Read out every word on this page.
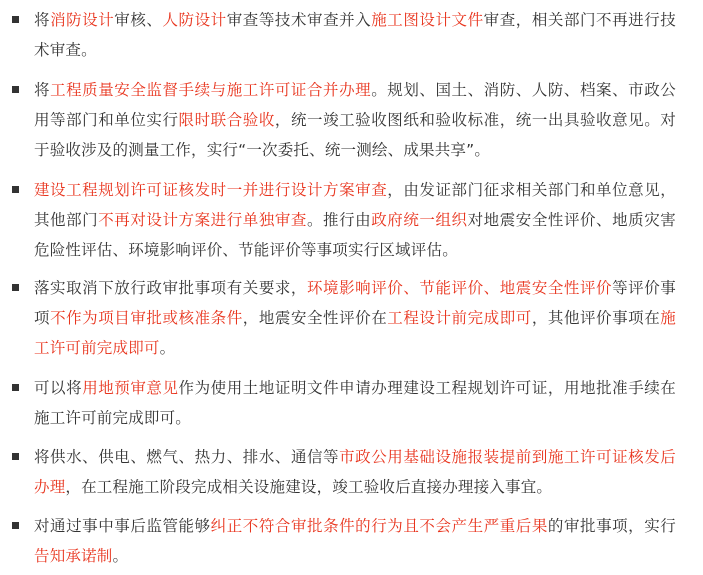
将消防设计审核、人防设计审查等技术审查并入施工图设计文件审查，相关部门不再进行技术审查。
将工程质量安全监督手续与施工许可证合并办理。规划、国土、消防、人防、档案、市政公用等部门和单位实行限时联合验收，统一竣工验收图纸和验收标准，统一出具验收意见。对于验收涉及的测量工作，实行“一次委托、统一测绘、成果共享”。
建设工程规划许可证核发时一并进行设计方案审查，由发证部门征求相关部门和单位意见，其他部门不再对设计方案进行单独审查。推行由政府统一组织对地震安全性评价、地质灾害危险性评估、环境影响评价、节能评价等事项实行区域评估。
落实取消下放行政审批事项有关要求，环境影响评价、节能评价、地震安全性评价等评价事项不作为项目审批或核准条件，地震安全性评价在工程设计前完成即可，其他评价事项在施工许可前完成即可。
可以将用地预审意见作为使用土地证明文件申请办理建设工程规划许可证，用地批准手续在施工许可前完成即可。
将供水、供电、燃气、热力、排水、通信等市政公用基础设施报装提前到施工许可证核发后办理，在工程施工阶段完成相关设施建设，竣工验收后直接办理接入事宜。
对通过事中事后监管能够纠正不符合审批条件的行为且不会产生严重后果的审批事项，实行告知承诺制。
